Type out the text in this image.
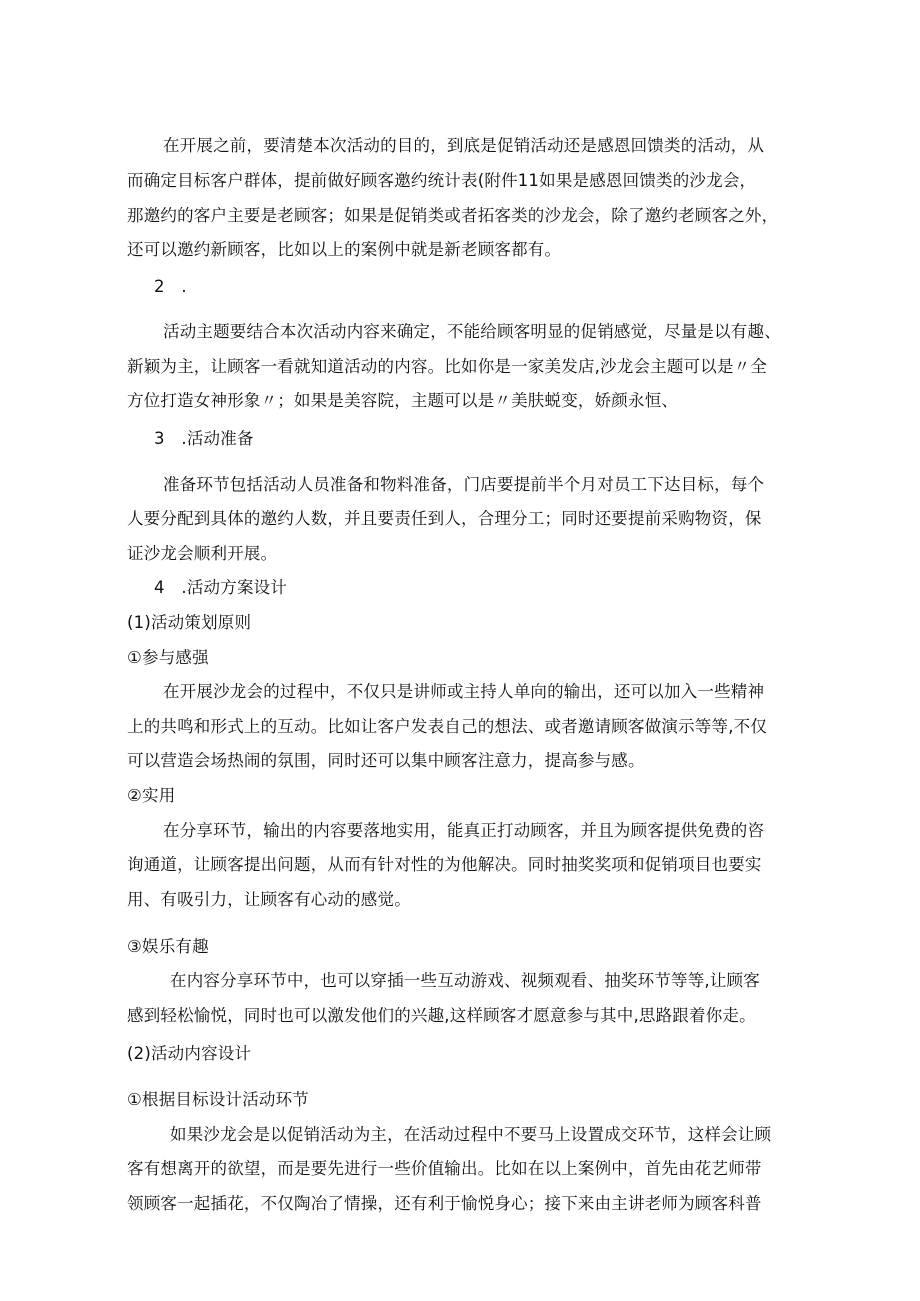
在开展之前，要清楚本次活动的目的，到底是促销活动还是感恩回馈类的活动，从
而确定目标客户群体，提前做好顾客邀约统计表(附件11如果是感恩回馈类的沙龙会，
那邀约的客户主要是老顾客；如果是促销类或者拓客类的沙龙会，除了邀约老顾客之外，
还可以邀约新顾客，比如以上的案例中就是新老顾客都有。
2　.
活动主题要结合本次活动内容来确定，不能给顾客明显的促销感觉，尽量是以有趣、
新颖为主，让顾客一看就知道活动的内容。比如你是一家美发店,沙龙会主题可以是〃全
方位打造女神形象〃；如果是美容院，主题可以是〃美肤蜕变，娇颜永恒、
3　.活动准备
准备环节包括活动人员准备和物料准备，门店要提前半个月对员工下达目标，每个
人要分配到具体的邀约人数，并且要责任到人，合理分工；同时还要提前采购物资，保
证沙龙会顺利开展。
4　.活动方案设计
(1)活动策划原则
①参与感强
在开展沙龙会的过程中，不仅只是讲师或主持人单向的输出，还可以加入一些精神
上的共鸣和形式上的互动。比如让客户发表自己的想法、或者邀请顾客做演示等等,不仅
可以营造会场热闹的氛围，同时还可以集中顾客注意力，提高参与感。
②实用
在分享环节，输出的内容要落地实用，能真正打动顾客，并且为顾客提供免费的咨
询通道，让顾客提出问题，从而有针对性的为他解决。同时抽奖奖项和促销项目也要实
用、有吸引力，让顾客有心动的感觉。
③娱乐有趣
在内容分享环节中，也可以穿插一些互动游戏、视频观看、抽奖环节等等,让顾客
感到轻松愉悦，同时也可以激发他们的兴趣,这样顾客才愿意参与其中,思路跟着你走。
(2)活动内容设计
①根据目标设计活动环节
如果沙龙会是以促销活动为主，在活动过程中不要马上设置成交环节，这样会让顾
客有想离开的欲望，而是要先进行一些价值输出。比如在以上案例中，首先由花艺师带
领顾客一起插花，不仅陶冶了情操，还有利于愉悦身心；接下来由主讲老师为顾客科普
